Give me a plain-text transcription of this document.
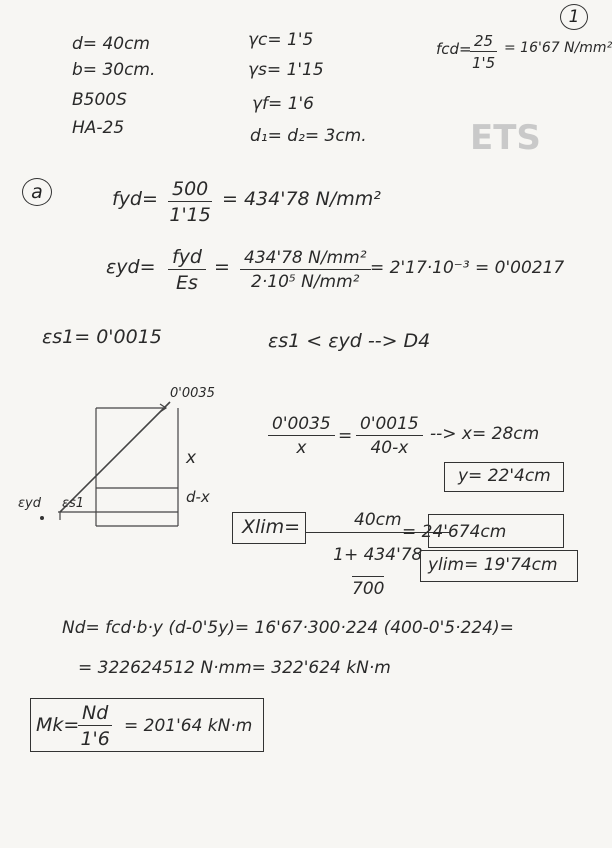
ETS
1
d= 40cm
b= 30cm.
B500S
HA-25
γc= 1'5
γs= 1'15
γf= 1'6
d₁= d₂= 3cm.
fcd=
$\frac{25}{1'5} = 16'67$ N/mm²
a	$fyd= \frac{500}{1'15} = 434'78$ N/mm²
εyd= fyd
Es
= $\frac{\text{434'78 N/mm²}}{\text{2·10⁵ N/mm²}} = 2'17\cdot 10^{-3} = 0'00217$
εs1= 0'0015	εs1 < εyd --> D4
0'0035
x
d-x
εyd εs1
$\frac{0'0035}{x} = \frac{0'0015}{40-x}$ --> x= 28cm
y= 22'4cm
$Xlim= \frac{40cm}{1+ 434'78}$
700
= 24'674cm
ylim= 19'74cm
Nd= fcd·b·y (d-0'5y)= 16'67·300·224 (400-0'5·224)=
= 322624512 N·mm= 322'624 kN·m
Mk=
$\frac{Nd}{1'6} = 201'64$ kN·m
